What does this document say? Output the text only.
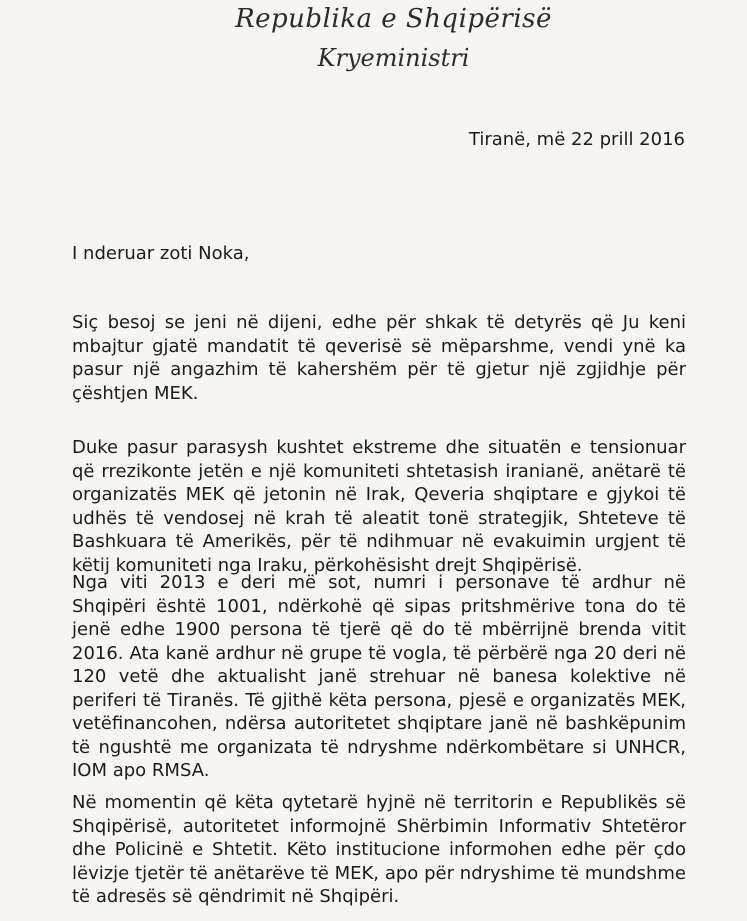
Republika e Shqipërisë
Kryeministri
Tiranë, më 22 prill 2016
I nderuar zoti Noka,
Siç besoj se jeni në dijeni, edhe për shkak të detyrës që Ju keni mbajtur gjatë mandatit të qeverisë së mëparshme, vendi ynë ka pasur një angazhim të kahershëm për të gjetur një zgjidhje për çështjen MEK.
Duke pasur parasysh kushtet ekstreme dhe situatën e tensionuar që rrezikonte jetën e një komuniteti shtetasish iranianë, anëtarë të organizatës MEK që jetonin në Irak, Qeveria shqiptare e gjykoi të udhës të vendosej në krah të aleatit tonë strategjik, Shteteve të Bashkuara të Amerikës, për të ndihmuar në evakuimin urgjent të këtij komuniteti nga Iraku, përkohësisht drejt Shqipërisë.
Nga viti 2013 e deri më sot, numri i personave të ardhur në Shqipëri është 1001, ndërkohë që sipas pritshmërive tona do të jenë edhe 1900 persona të tjerë që do të mbërrijnë brenda vitit 2016. Ata kanë ardhur në grupe të vogla, të përbërë nga 20 deri në 120 vetë dhe aktualisht janë strehuar në banesa kolektive në periferi të Tiranës. Të gjithë këta persona, pjesë e organizatës MEK, vetëfinancohen, ndërsa autoritetet shqiptare janë në bashkëpunim të ngushtë me organizata të ndryshme ndërkombëtare si UNHCR, IOM apo RMSA.
Në momentin që këta qytetarë hyjnë në territorin e Republikës së Shqipërisë, autoritetet informojnë Shërbimin Informativ Shtetëror dhe Policinë e Shtetit. Këto institucione informohen edhe për çdo lëvizje tjetër të anëtarëve të MEK, apo për ndryshime të mundshme të adresës së qëndrimit në Shqipëri.
